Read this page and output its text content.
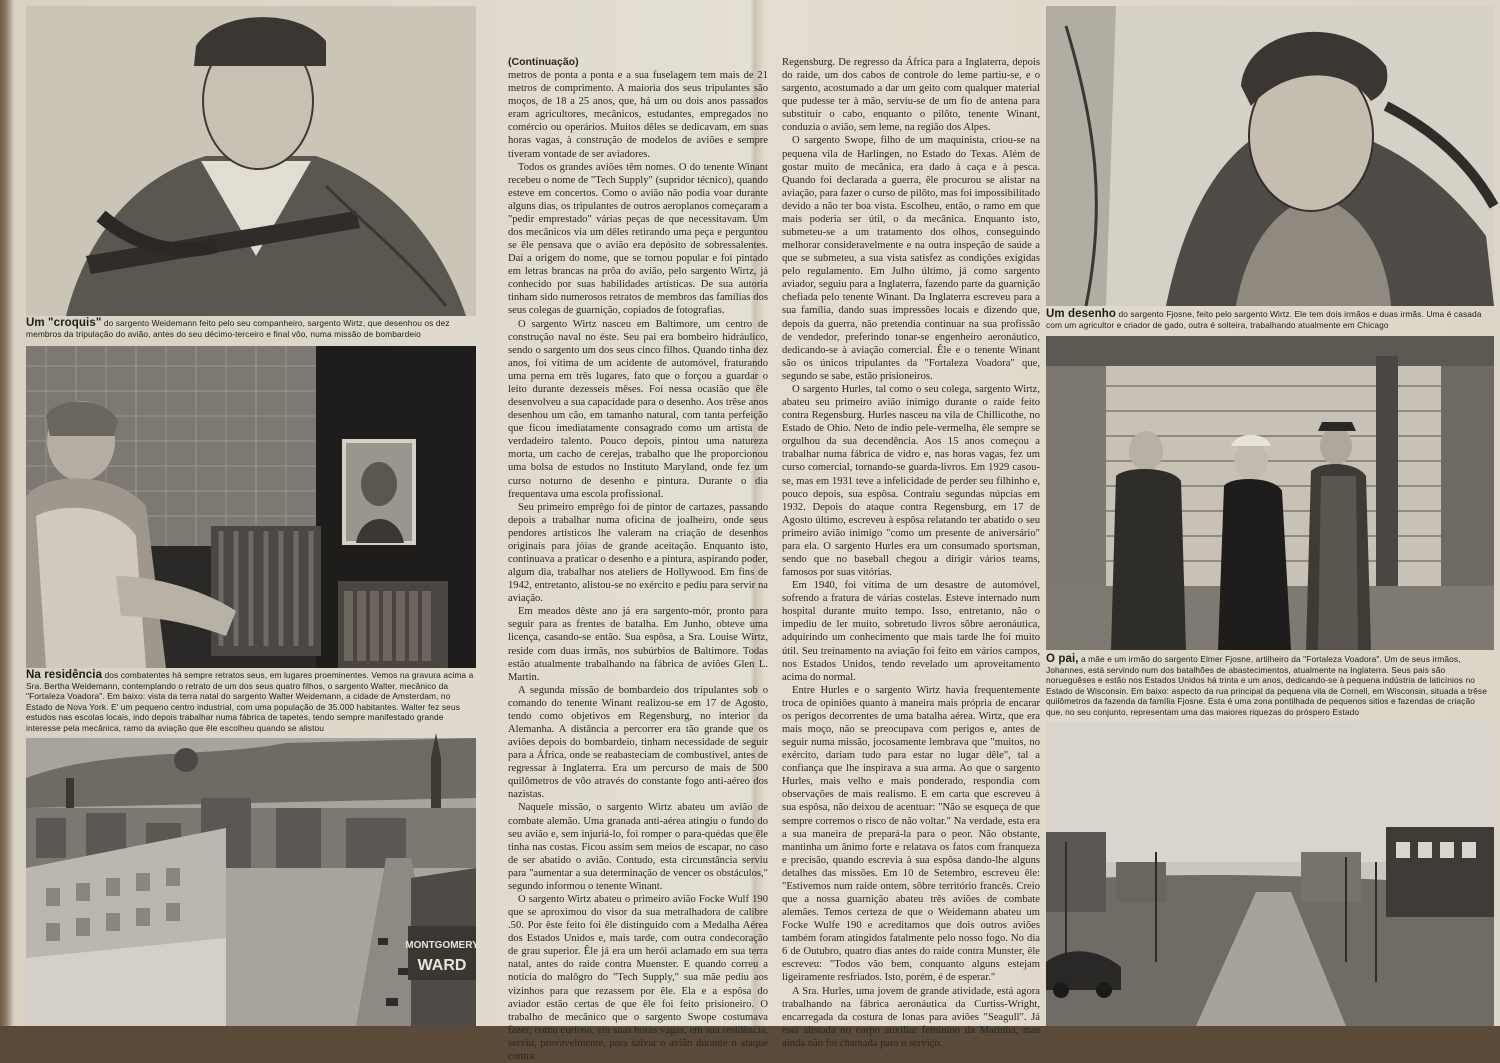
Um "croquis" do sargento Weidemann feito pelo seu companheiro, sargento Wirtz, que desenhou os dez membros da tripulação do avião, antes do seu décimo-terceiro e final vôo, numa missão de bombardeio
Na residência dos combatentes há sempre retratos seus, em lugares proeminentes. Vemos na gravura acima a Sra. Bertha Weidemann, contemplando o retrato de um dos seus quatro filhos, o sargento Walter, mecânico da "Fortaleza Voadora". Em baixo: vista da terra natal do sargento Walter Weidemann, a cidade de Amsterdam, no Estado de Nova York. E' um pequeno centro industrial, com uma população de 35.000 habitantes. Walter fez seus estudos nas escolas locais, indo depois trabalhar numa fábrica de tapetes, tendo sempre manifestado grande interesse pela mecânica, ramo da aviação que êle escolheu quando se alistou
MONTGOMERY
WARD

(Continuação)

metros de ponta a ponta e a sua fuselagem tem mais de 21 metros de comprimento. A maioria dos seus tripulantes são moços, de 18 a 25 anos, que, há um ou dois anos passados eram agricultores, mecânicos, estudantes, empregados no comércio ou operários. Muitos dêles se dedicavam, em suas horas vagas, à construção de modelos de aviões e sempre tiveram vontade de ser aviadores.

Todos os grandes aviões têm nomes. O do tenente Winant recebeu o nome de "Tech Supply" (supridor técnico), quando esteve em concertos. Como o avião não podia voar durante alguns dias, os tripulantes de outros aeroplanos começaram a "pedir emprestado" várias peças de que necessitavam. Um dos mecânicos via um dêles retirando uma peça e perguntou se êle pensava que o avião era depósito de sobressalentes. Daí a origem do nome, que se tornou popular e foi pintado em letras brancas na prôa do avião, pelo sargento Wirtz, já conhecido por suas habilidades artísticas. De sua autoria tinham sido numerosos retratos de membros das famílias dos seus colegas de guarnição, copiados de fotografias.

O sargento Wirtz nasceu em Baltimore, um centro de construção naval no éste. Seu pai era bombeiro hidráulico, sendo o sargento um dos seus cinco filhos. Quando tinha dez anos, foi vítima de um acidente de automóvel, fraturando uma perna em três lugares, fato que o forçou a guardar o leito durante dezesseis mêses. Foi nessa ocasião que êle desenvolveu a sua capacidade para o desenho. Aos trêse anos desenhou um cão, em tamanho natural, com tanta perfeição que ficou imediatamente consagrado como um artista de verdadeiro talento. Pouco depois, pintou uma natureza morta, um cacho de cerejas, trabalho que lhe proporcionou uma bolsa de estudos no Instituto Maryland, onde fez um curso noturno de desenho e pintura. Durante o dia frequentava uma escola profissional.

Seu primeiro emprêgo foi de pintor de cartazes, passando depois a trabalhar numa oficina de joalheiro, onde seus pendores artísticos lhe valeram na criação de desenhos originais para jóias de grande aceitação. Enquanto isto, continuava a praticar o desenho e a pintura, aspirando poder, algum dia, trabalhar nos ateliers de Hollywood. Em fins de 1942, entretanto, alistou-se no exército e pediu para servir na aviação.

Em meados dêste ano já era sargento-mór, pronto para seguir para as frentes de batalha. Em Junho, obteve uma licença, casando-se então. Sua espôsa, a Sra. Louise Wirtz, reside com duas irmãs, nos subúrbios de Baltimore. Todas estão atualmente trabalhando na fábrica de aviões Glen L. Martin.

A segunda missão de bombardeio dos tripulantes sob o comando do tenente Winant realizou-se em 17 de Agosto, tendo como objetivos em Regensburg, no interior da Alemanha. A distância a percorrer era tão grande que os aviões depois do bombardeio, tinham necessidade de seguir para a África, onde se reabasteciam de combustível, antes de regressar à Inglaterra. Era um percurso de mais de 500 quilômetros de vôo através do constante fogo anti-aéreo dos nazistas.

Naquele missão, o sargento Wirtz abateu um avião de combate alemão. Uma granada anti-aérea atingiu o fundo do seu avião e, sem injuriá-lo, foi romper o para-quédas que êle tinha nas costas. Ficou assim sem meios de escapar, no caso de ser abatido o avião. Contudo, esta circunstância serviu para "aumentar a sua determinação de vencer os obstáculos," segundo informou o tenente Winant.

O sargento Wirtz abateu o primeiro avião Focke Wulf 190 que se aproximou do visor da sua metralhadora de calibre .50. Por êste feito foi êle distinguido com a Medalha Aérea dos Estados Unidos e, mais tarde, com outra condecoração de grau superior. Êle já era um herói aclamado em sua terra natal, antes do raide contra Muenster. E quando correu a notícia do malôgro do "Tech Supply," sua mãe pediu aos vizinhos para que rezassem por êle. Ela e a espôsa do aviador estão certas de que êle foi feito prisioneiro. O trabalho de mecânico que o sargento Swope costumava fazer, como curioso, em suas horas vagas, em sua residência, serviu, provavelmente, para salvar o avião durante o ataque contra

Regensburg. De regresso da África para a Inglaterra, depois do raide, um dos cabos de controle do leme partiu-se, e o sargento, acostumado a dar um geito com qualquer material que pudesse ter à mão, serviu-se de um fio de antena para substituir o cabo, enquanto o pilôto, tenente Winant, conduzia o avião, sem leme, na região dos Alpes.

O sargento Swope, filho de um maquinista, criou-se na pequena vila de Harlingen, no Estado do Texas. Além de gostar muito de mecânica, era dado à caça e à pesca. Quando foi declarada a guerra, êle procurou se alistar na aviação, para fazer o curso de pilôto, mas foi impossibilitado devido a não ter boa vista. Escolheu, então, o ramo em que mais poderia ser útil, o da mecânica. Enquanto isto, submeteu-se a um tratamento dos olhos, conseguindo melhorar consideravelmente e na outra inspeção de saúde a que se submeteu, a sua vista satisfez as condições exigidas pelo regulamento. Em Julho último, já como sargento aviador, seguiu para a Inglaterra, fazendo parte da guarnição chefiada pelo tenente Winant. Da Inglaterra escreveu para a sua família, dando suas impressões locais e dizendo que, depois da guerra, não pretendia continuar na sua profissão de vendedor, preferindo tonar-se engenheiro aeronáutico, dedicando-se à aviação comercial. Êle e o tenente Winant são os únicos tripulantes da "Fortaleza Voadora" que, segundo se sabe, estão prisioneiros.

O sargento Hurles, tal como o seu colega, sargento Wirtz, abateu seu primeiro avião inimigo durante o raide feito contra Regensburg. Hurles nasceu na vila de Chillicothe, no Estado de Ohio. Neto de índio pele-vermelha, êle sempre se orgulhou da sua decendência. Aos 15 anos começou a trabalhar numa fábrica de vidro e, nas horas vagas, fez um curso comercial, tornando-se guarda-livros. Em 1929 casou-se, mas em 1931 teve a infelicidade de perder seu filhinho e, pouco depois, sua espôsa. Contraiu segundas núpcias em 1932. Depois do ataque contra Regensburg, em 17 de Agosto último, escreveu à espôsa relatando ter abatido o seu primeiro avião inimigo "como um presente de aniversário" para ela. O sargento Hurles era um consumado sportsman, sendo que no baseball chegou a dirigir vários teams, famosos por suas vitórias.

Em 1940, foi vítima de um desastre de automóvel, sofrendo a fratura de várias costelas. Esteve internado num hospital durante muito tempo. Isso, entretanto, não o impediu de ler muito, sobretudo livros sôbre aeronáutica, adquirindo um conhecimento que mais tarde lhe foi muito útil. Seu treinamento na aviação foi feito em vários campos, nos Estados Unidos, tendo revelado um aproveitamento acima do normal.

Entre Hurles e o sargento Wirtz havia frequentemente troca de opiniões quanto à maneira mais própria de encarar os perigos decorrentes de uma batalha aérea. Wirtz, que era mais moço, não se preocupava com perigos e, antes de seguir numa missão, jocosamente lembrava que "muitos, no exército, dariam tudo para estar no lugar dêle", tal a confiança que lhe inspirava a sua arma. Ao que o sargento Hurles, mais velho e mais ponderado, respondia com observações de mais realismo. E em carta que escreveu à sua espôsa, não deixou de acentuar: "Não se esqueça de que sempre corremos o risco de não voltar." Na verdade, esta era a sua maneira de prepará-la para o peor. Não obstante, mantinha um ânimo forte e relatava os fatos com franqueza e precisão, quando escrevia à sua espôsa dando-lhe alguns detalhes das missões. Em 10 de Setembro, escreveu êle: "Estivemos num raide ontem, sôbre território francês. Creio que a nossa guarnição abateu três aviões de combate alemães. Temos certeza de que o Weidemann abateu um Focke Wulfe 190 e acreditamos que dois outros aviões também foram atingidos fatalmente pelo nosso fogo. No dia 6 de Outubro, quatro dias antes do raide contra Munster, êle escreveu: "Todos vão bem, conquanto alguns estejam ligeiramente resfriados. Isto, porém, é de esperar."

A Sra. Hurles, uma jovem de grande atividade, está agora trabalhando na fábrica aeronáutica da Curtiss-Wright, encarregada da costura de lonas para aviões "Seagull". Já está alistada no corpo auxiliar feminino da Marinha, mas ainda não foi chamada para o serviço.

Um desenho do sargento Fjosne, feito pelo sargento Wirtz. Ele tem dois irmãos e duas irmãs. Uma é casada com um agricultor e criador de gado, outra é solteira, trabalhando atualmente em Chicago
O pai, a mãe e um irmão do sargento Elmer Fjosne, artilheiro da "Fortaleza Voadora". Um de seus irmãos, Johannes, está servindo num dos batalhões de abastecimentos, atualmente na Inglaterra. Seus pais são norueguêses e estão nos Estados Unidos há trinta e um anos, dedicando-se à pequena indústria de laticínios no Estado de Wisconsin. Em baixo: aspecto da rua principal da pequena vila de Cornell, em Wisconsin, situada a trêse quilômetros da fazenda da família Fjosne. Esta é uma zona pontilhada de pequenos sitios e fazendas de criação que, no seu conjunto, representam uma das maiores riquezas do próspero Estado
